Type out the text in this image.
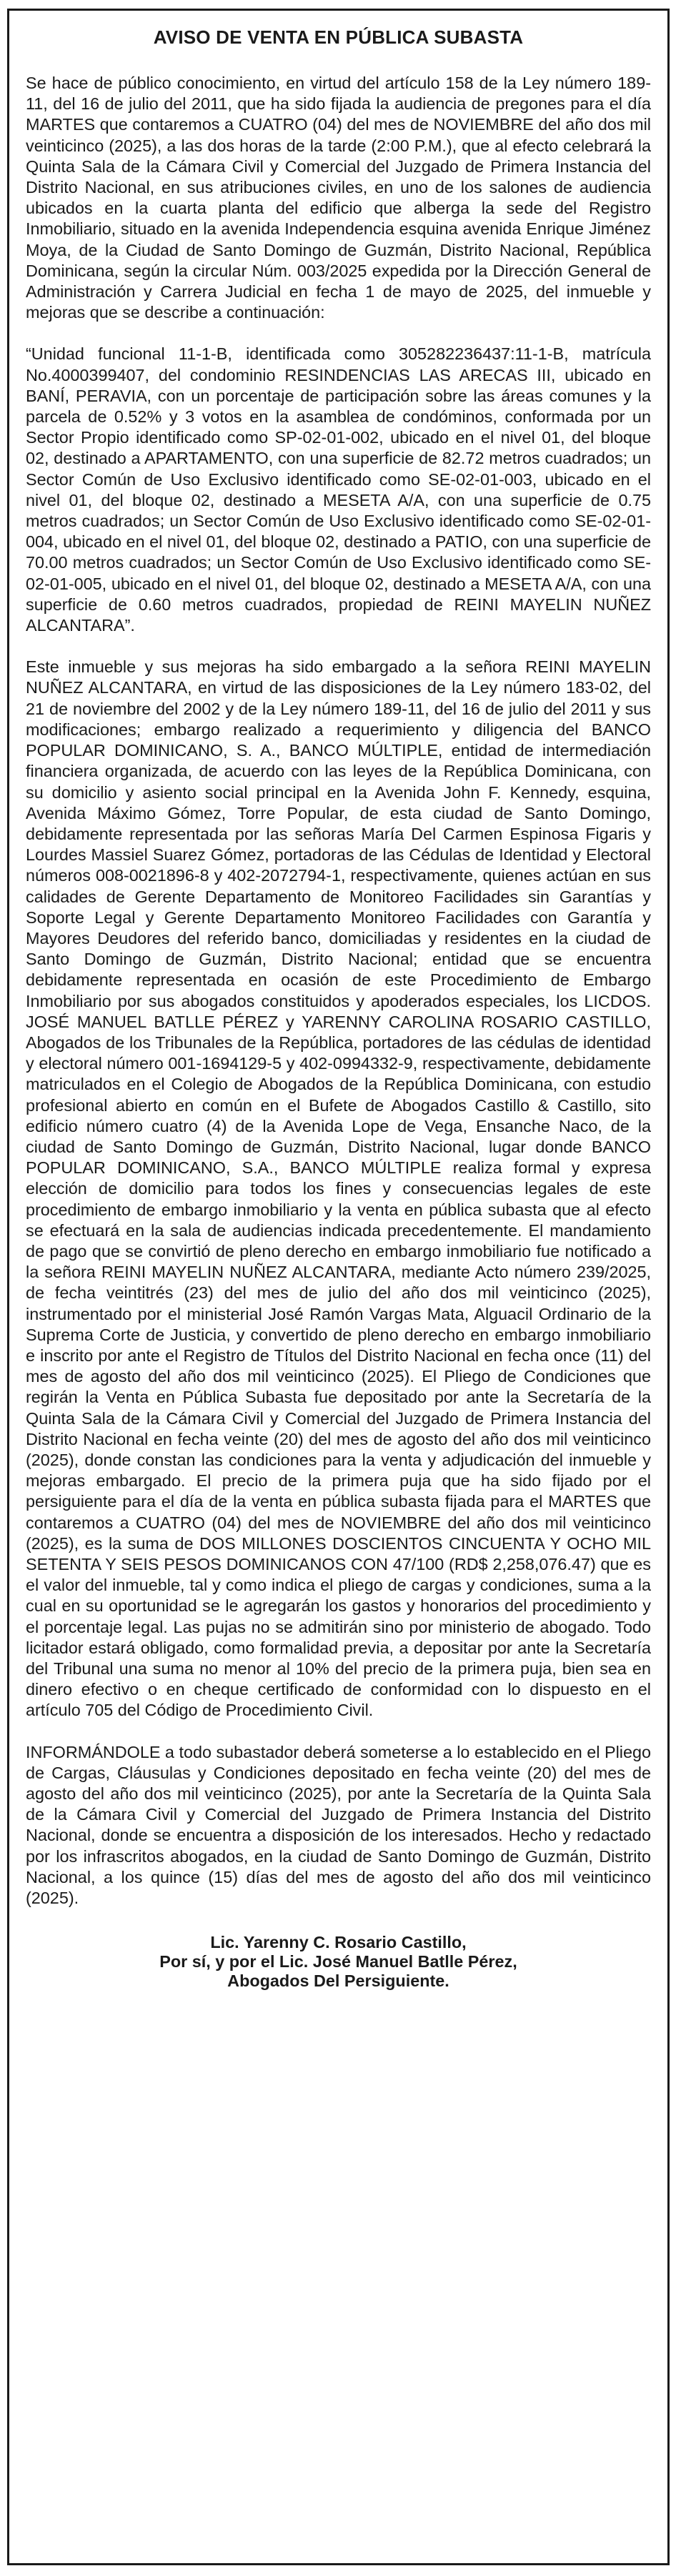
AVISO DE VENTA EN PÚBLICA SUBASTA

Se hace de público conocimiento, en virtud del artículo 158 de la Ley número 189-11, del 16 de julio del 2011, que ha sido fijada la audiencia de pregones para el día MARTES que contaremos a CUATRO (04) del mes de NOVIEMBRE del año dos mil veinticinco (2025), a las dos horas de la tarde (2:00 P.M.), que al efecto celebrará la Quinta Sala de la Cámara Civil y Comercial del Juzgado de Primera Instancia del Distrito Nacional, en sus atribuciones civiles, en uno de los salones de audiencia ubicados en la cuarta planta del edificio que alberga la sede del Registro Inmobiliario, situado en la avenida Independencia esquina avenida Enrique Jiménez Moya, de la Ciudad de Santo Domingo de Guzmán, Distrito Nacional, República Dominicana, según la circular Núm. 003/2025 expedida por la Dirección General de Administración y Carrera Judicial en fecha 1 de mayo de 2025, del inmueble y mejoras que se describe a continuación:

“Unidad funcional 11-1-B, identificada como 305282236437:11-1-B, matrícula No.4000399407, del condominio RESINDENCIAS LAS ARECAS III, ubicado en BANÍ, PERAVIA, con un porcentaje de participación sobre las áreas comunes y la parcela de 0.52% y 3 votos en la asamblea de condóminos, conformada por un Sector Propio identificado como SP-02-01-002, ubicado en el nivel 01, del bloque 02, destinado a APARTAMENTO, con una superficie de 82.72 metros cuadrados; un Sector Común de Uso Exclusivo identificado como SE-02-01-003, ubicado en el nivel 01, del bloque 02, destinado a MESETA A/A, con una superficie de 0.75 metros cuadrados; un Sector Común de Uso Exclusivo identificado como SE-02-01-004, ubicado en el nivel 01, del bloque 02, destinado a PATIO, con una superficie de 70.00 metros cuadrados; un Sector Común de Uso Exclusivo identificado como SE-02-01-005, ubicado en el nivel 01, del bloque 02, destinado a MESETA A/A, con una superficie de 0.60 metros cuadrados, propiedad de REINI MAYELIN NUÑEZ ALCANTARA”.

Este inmueble y sus mejoras ha sido embargado a la señora REINI MAYELIN NUÑEZ ALCANTARA, en virtud de las disposiciones de la Ley número 183-02, del 21 de noviembre del 2002 y de la Ley número 189-11, del 16 de julio del 2011 y sus modificaciones; embargo realizado a requerimiento y diligencia del BANCO POPULAR DOMINICANO, S. A., BANCO MÚLTIPLE, entidad de intermediación financiera organizada, de acuerdo con las leyes de la República Dominicana, con su domicilio y asiento social principal en la Avenida John F. Kennedy, esquina, Avenida Máximo Gómez, Torre Popular, de esta ciudad de Santo Domingo, debidamente representada por las señoras María Del Carmen Espinosa Figaris y Lourdes Massiel Suarez Gómez, portadoras de las Cédulas de Identidad y Electoral números 008-0021896-8 y 402-2072794-1, respectivamente, quienes actúan en sus calidades de Gerente Departamento de Monitoreo Facilidades sin Garantías y Soporte Legal y Gerente Departamento Monitoreo Facilidades con Garantía y Mayores Deudores del referido banco, domiciliadas y residentes en la ciudad de Santo Domingo de Guzmán, Distrito Nacional; entidad que se encuentra debidamente representada en ocasión de este Procedimiento de Embargo Inmobiliario por sus abogados constituidos y apoderados especiales, los LICDOS. JOSÉ MANUEL BATLLE PÉREZ y YARENNY CAROLINA ROSARIO CASTILLO, Abogados de los Tribunales de la República, portadores de las cédulas de identidad y electoral número 001-1694129-5 y 402-0994332-9, respectivamente, debidamente matriculados en el Colegio de Abogados de la República Dominicana, con estudio profesional abierto en común en el Bufete de Abogados Castillo & Castillo, sito edificio número cuatro (4) de la Avenida Lope de Vega, Ensanche Naco, de la ciudad de Santo Domingo de Guzmán, Distrito Nacional, lugar donde BANCO POPULAR DOMINICANO, S.A., BANCO MÚLTIPLE realiza formal y expresa elección de domicilio para todos los fines y consecuencias legales de este procedimiento de embargo inmobiliario y la venta en pública subasta que al efecto se efectuará en la sala de audiencias indicada precedentemente. El mandamiento de pago que se convirtió de pleno derecho en embargo inmobiliario fue notificado a la señora REINI MAYELIN NUÑEZ ALCANTARA, mediante Acto número 239/2025, de fecha veintitrés (23) del mes de julio del año dos mil veinticinco (2025), instrumentado por el ministerial José Ramón Vargas Mata, Alguacil Ordinario de la Suprema Corte de Justicia, y convertido de pleno derecho en embargo inmobiliario e inscrito por ante el Registro de Títulos del Distrito Nacional en fecha once (11) del mes de agosto del año dos mil veinticinco (2025). El Pliego de Condiciones que regirán la Venta en Pública Subasta fue depositado por ante la Secretaría de la Quinta Sala de la Cámara Civil y Comercial del Juzgado de Primera Instancia del Distrito Nacional en fecha veinte (20) del mes de agosto del año dos mil veinticinco (2025), donde constan las condiciones para la venta y adjudicación del inmueble y mejoras embargado. El precio de la primera puja que ha sido fijado por el persiguiente para el día de la venta en pública subasta fijada para el MARTES que contaremos a CUATRO (04) del mes de NOVIEMBRE del año dos mil veinticinco (2025), es la suma de DOS MILLONES DOSCIENTOS CINCUENTA Y OCHO MIL SETENTA Y SEIS PESOS DOMINICANOS CON 47/100 (RD$ 2,258,076.47) que es el valor del inmueble, tal y como indica el pliego de cargas y condiciones, suma a la cual en su oportunidad se le agregarán los gastos y honorarios del procedimiento y el porcentaje legal. Las pujas no se admitirán sino por ministerio de abogado. Todo licitador estará obligado, como formalidad previa, a depositar por ante la Secretaría del Tribunal una suma no menor al 10% del precio de la primera puja, bien sea en dinero efectivo o en cheque certificado de conformidad con lo dispuesto en el artículo 705 del Código de Procedimiento Civil.

INFORMÁNDOLE a todo subastador deberá someterse a lo establecido en el Pliego de Cargas, Cláusulas y Condiciones depositado en fecha veinte (20) del mes de agosto del año dos mil veinticinco (2025), por ante la Secretaría de la Quinta Sala de la Cámara Civil y Comercial del Juzgado de Primera Instancia del Distrito Nacional, donde se encuentra a disposición de los interesados. Hecho y redactado por los infrascritos abogados, en la ciudad de Santo Domingo de Guzmán, Distrito Nacional, a los quince (15) días del mes de agosto del año dos mil veinticinco (2025).

Lic. Yarenny C. Rosario Castillo,
Por sí, y por el Lic. José Manuel Batlle Pérez,
Abogados Del Persiguiente.
